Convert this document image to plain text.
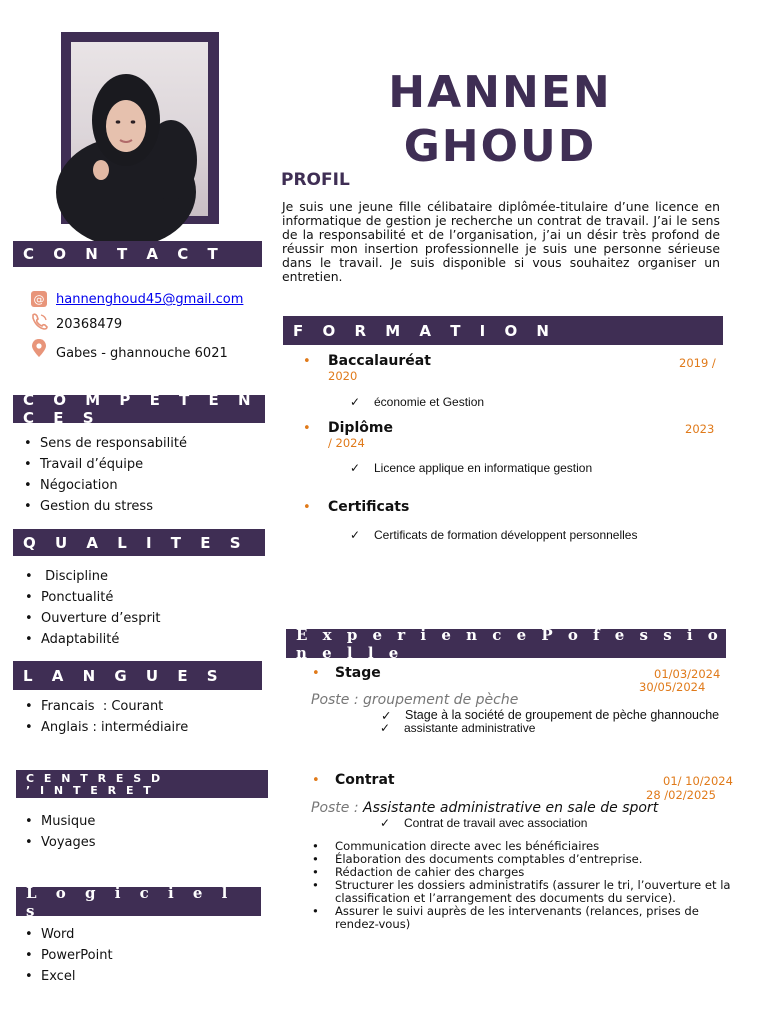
HANNEN
GHOUD
C O N T A C T
@ hannenghoud45@gmail.com
20368479
Gabes - ghannouche 6021
C O M P É T E N C E S
• Sens de responsabilité
• Travail d’équipe
• Négociation
• Gestion du stress
Q U A L I T E S
•  Discipline
• Ponctualité
• Ouverture d’esprit
• Adaptabilité
L A N G U E S
• Francais  : Courant
• Anglais : intermédiaire
C E N T R E S D ’ I N T E R E T
• Musique
• Voyages
L o g i c i e l s
• Word
• PowerPoint
• Excel
PROFIL
Je suis une jeune fille célibataire diplômée-titulaire d’une licence en informatique de gestion je recherche un contrat de travail. J’ai le sens de la responsabilité et de l’organisation, j’ai un désir très profond de réussir mon insertion professionnelle je suis une personne sérieuse dans le travail. Je suis disponible si vous souhaitez organiser un entretien.
F O R M A T I O N
• Baccalauréat	2019 /
2020
✓ économie et Gestion
• Diplôme	2023
/ 2024
✓ Licence applique en informatique gestion
• Certificats
✓ Certificats de formation développent personnelles
E x p e r i e n c e P o f e s s i o n e l l e
• Stage	01/03/2024
30/05/2024
Poste : groupement de pèche
✓ Stage à la société de groupement de pèche ghannouche
✓ assistante administrative
• Contrat	01/ 10/2024
28 /02/2025
Poste : Assistante administrative en sale de sport
✓ Contrat de travail avec association
• Communication directe avec les bénéficiaires
• Élaboration des documents comptables d’entreprise.
• Rédaction de cahier des charges
• Structurer les dossiers administratifs (assurer le tri, l’ouverture et la classification et l’arrangement des documents du service).
• Assurer le suivi auprès de les intervenants (relances, prises de rendez-vous)
